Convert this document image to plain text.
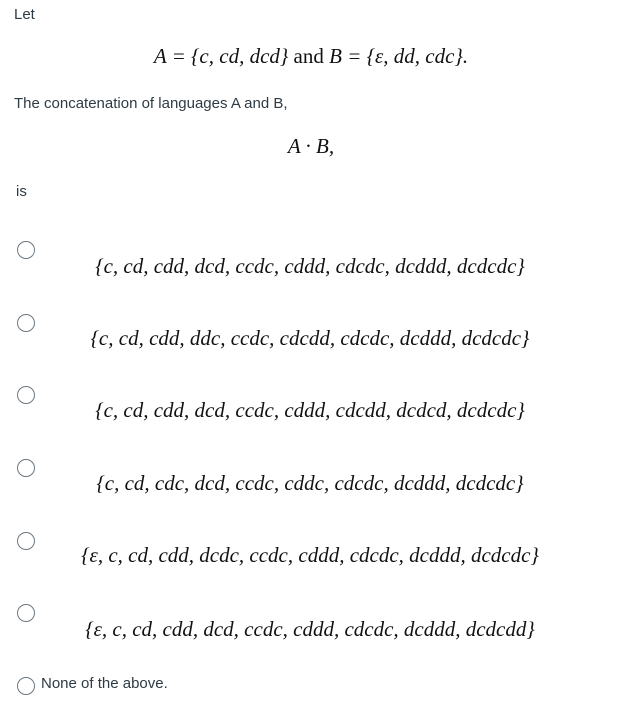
Let
A = {c, cd, dcd} and B = {ε, dd, cdc}.
The concatenation of languages A and B,
A · B,
is
{c, cd, cdd, dcd, ccdc, cddd, cdcdc, dcddd, dcdcdc}
{c, cd, cdd, ddc, ccdc, cdcdd, cdcdc, dcddd, dcdcdc}
{c, cd, cdd, dcd, ccdc, cddd, cdcdd, dcdcd, dcdcdc}
{c, cd, cdc, dcd, ccdc, cddc, cdcdc, dcddd, dcdcdc}
{ε, c, cd, cdd, dcdc, ccdc, cddd, cdcdc, dcddd, dcdcdc}
{ε, c, cd, cdd, dcd, ccdc, cddd, cdcdc, dcddd, dcdcdd}
None of the above.
